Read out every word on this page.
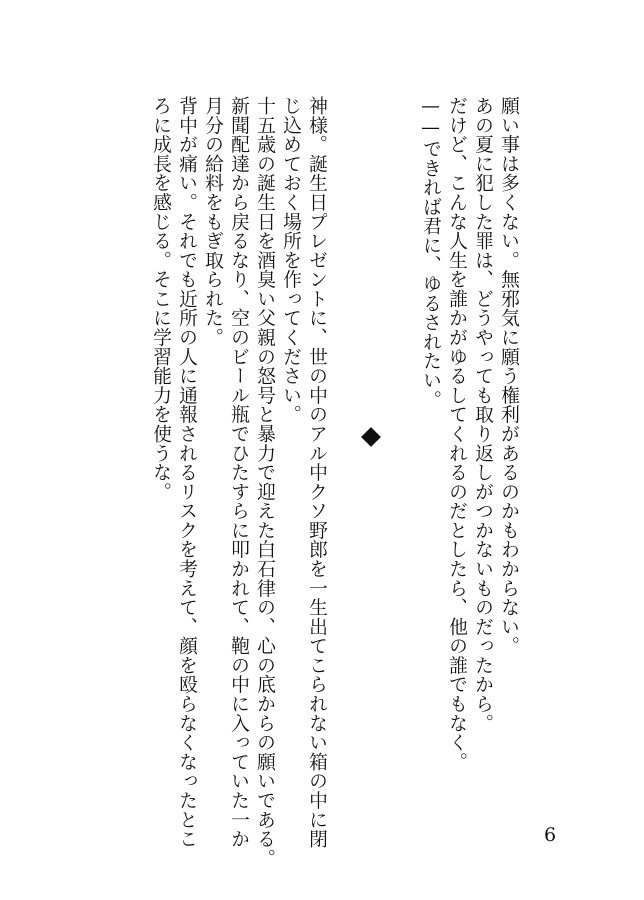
願い事は多くない。無邪気に願う権利があるのかもわからない。

あの夏に犯した罪は、どうやっても取り返しがつかないものだったから。

だけど、こんな人生を誰かがゆるしてくれるのだとしたら、他の誰でもなく。

——できれば君に、ゆるされたい。

神様。誕生日プレゼントに、世の中のアル中クソ野郎を一生出てこられない箱の中に閉

じ込めておく場所を作ってください。

十五歳の誕生日を酒臭い父親の怒号と暴力で迎えた白石律の、心の底からの願いである。

新聞配達から戻るなり、空のビール瓶でひたすらに叩かれて、鞄の中に入っていた一か

月分の給料をもぎ取られた。

背中が痛い。それでも近所の人に通報されるリスクを考えて、顔を殴らなくなったとこ

ろに成長を感じる。そこに学習能力を使うな。

6
